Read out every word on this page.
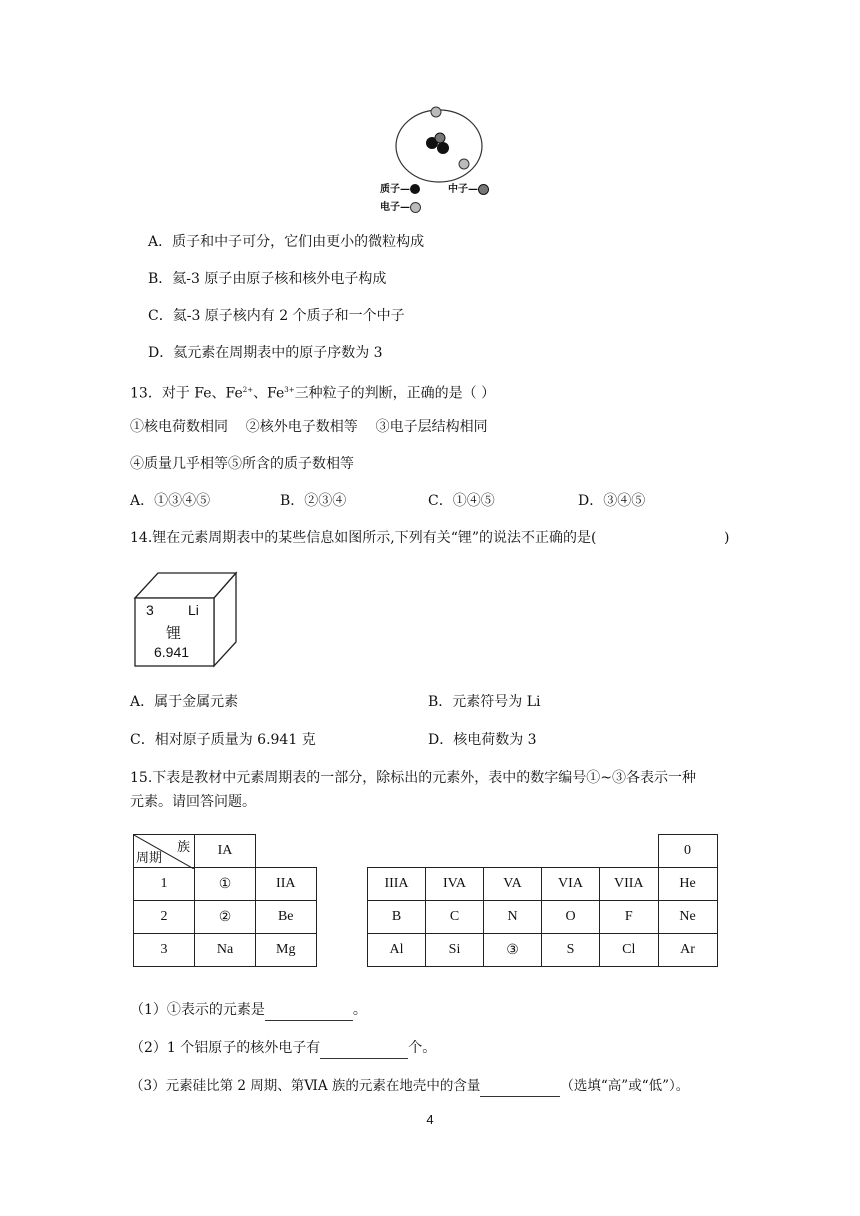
质子—	中子—
电子—
A．质子和中子可分，它们由更小的微粒构成
B．氦-3 原子由原子核和核外电子构成
C．氦-3 原子核内有 2 个质子和一个中子
D．氦元素在周期表中的原子序数为 3
13．对于 Fe、$Fe^{2+}$、$Fe^{3+}$三种粒子的判断，正确的是（ ）
①核电荷数相同    ②核外电子数相等    ③电子层结构相同
④质量几乎相等⑤所含的质子数相等
A．①③④⑤	B．②③④	C．①④⑤	D．③④⑤
14.锂在元素周期表中的某些信息如图所示,下列有关“锂”的说法不正确的是(	)
3 Li
锂
6.941
A．属于金属元素	B．元素符号为 Li
C．相对原子质量为 6.941 克	D．核电荷数为 3
15.下表是教材中元素周期表的一部分，除标出的元素外，表中的数字编号①~③各表示一种
元素。请回答问题。
族
周期	IA	
1	①	IIA
2	②	Be
3	Na	Mg
					0
IIIA	IVA	VA	VIA	VIIA	He
B	C	N	O	F	Ne
Al	Si	③	S	Cl	Ar
（1）①表示的元素是	。
（2）1 个铝原子的核外电子有	个。
（3）元素硅比第 2 周期、第ⅥA 族的元素在地壳中的含量	（选填“高”或“低”）。
4
